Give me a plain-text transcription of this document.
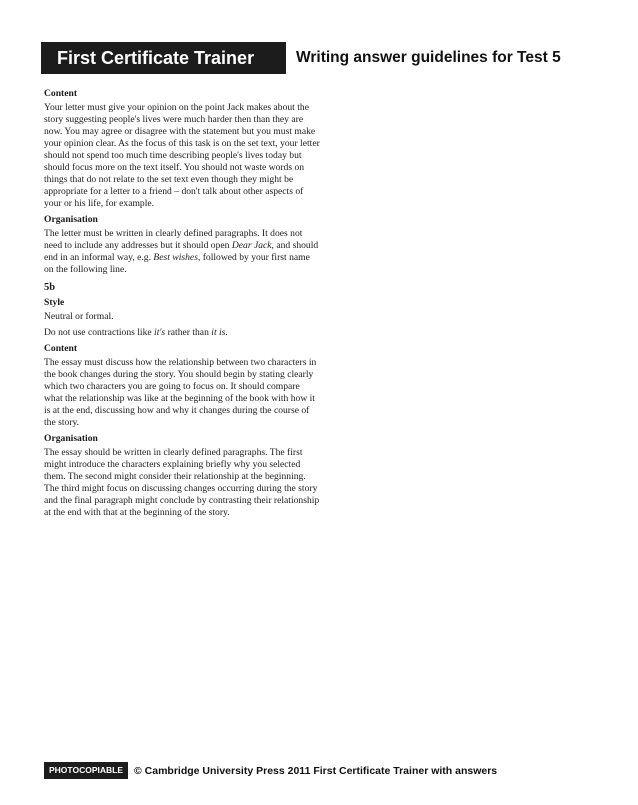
First Certificate Trainer	Writing answer guidelines for Test 5

Content

Your letter must give your opinion on the point Jack makes about the story suggesting people's lives were much harder then than they are now. You may agree or disagree with the statement but you must make your opinion clear. As the focus of this task is on the set text, your letter should not spend too much time describing people's lives today but should focus more on the text itself. You should not waste words on things that do not relate to the set text even though they might be appropriate for a letter to a friend – don't talk about other aspects of your or his life, for example.

Organisation

The letter must be written in clearly defined paragraphs. It does not need to include any addresses but it should open Dear Jack, and should end in an informal way, e.g. Best wishes, followed by your first name on the following line.

5b

Style

Neutral or formal.

Do not use contractions like it's rather than it is.

Content

The essay must discuss how the relationship between two characters in the book changes during the story. You should begin by stating clearly which two characters you are going to focus on. It should compare what the relationship was like at the beginning of the book with how it is at the end, discussing how and why it changes during the course of the story.

Organisation

The essay should be written in clearly defined paragraphs. The first might introduce the characters explaining briefly why you selected them. The second might consider their relationship at the beginning. The third might focus on discussing changes occurring during the story and the final paragraph might conclude by contrasting their relationship at the end with that at the beginning of the story.

PHOTOCOPIABLE © Cambridge University Press 2011 First Certificate Trainer with answers
